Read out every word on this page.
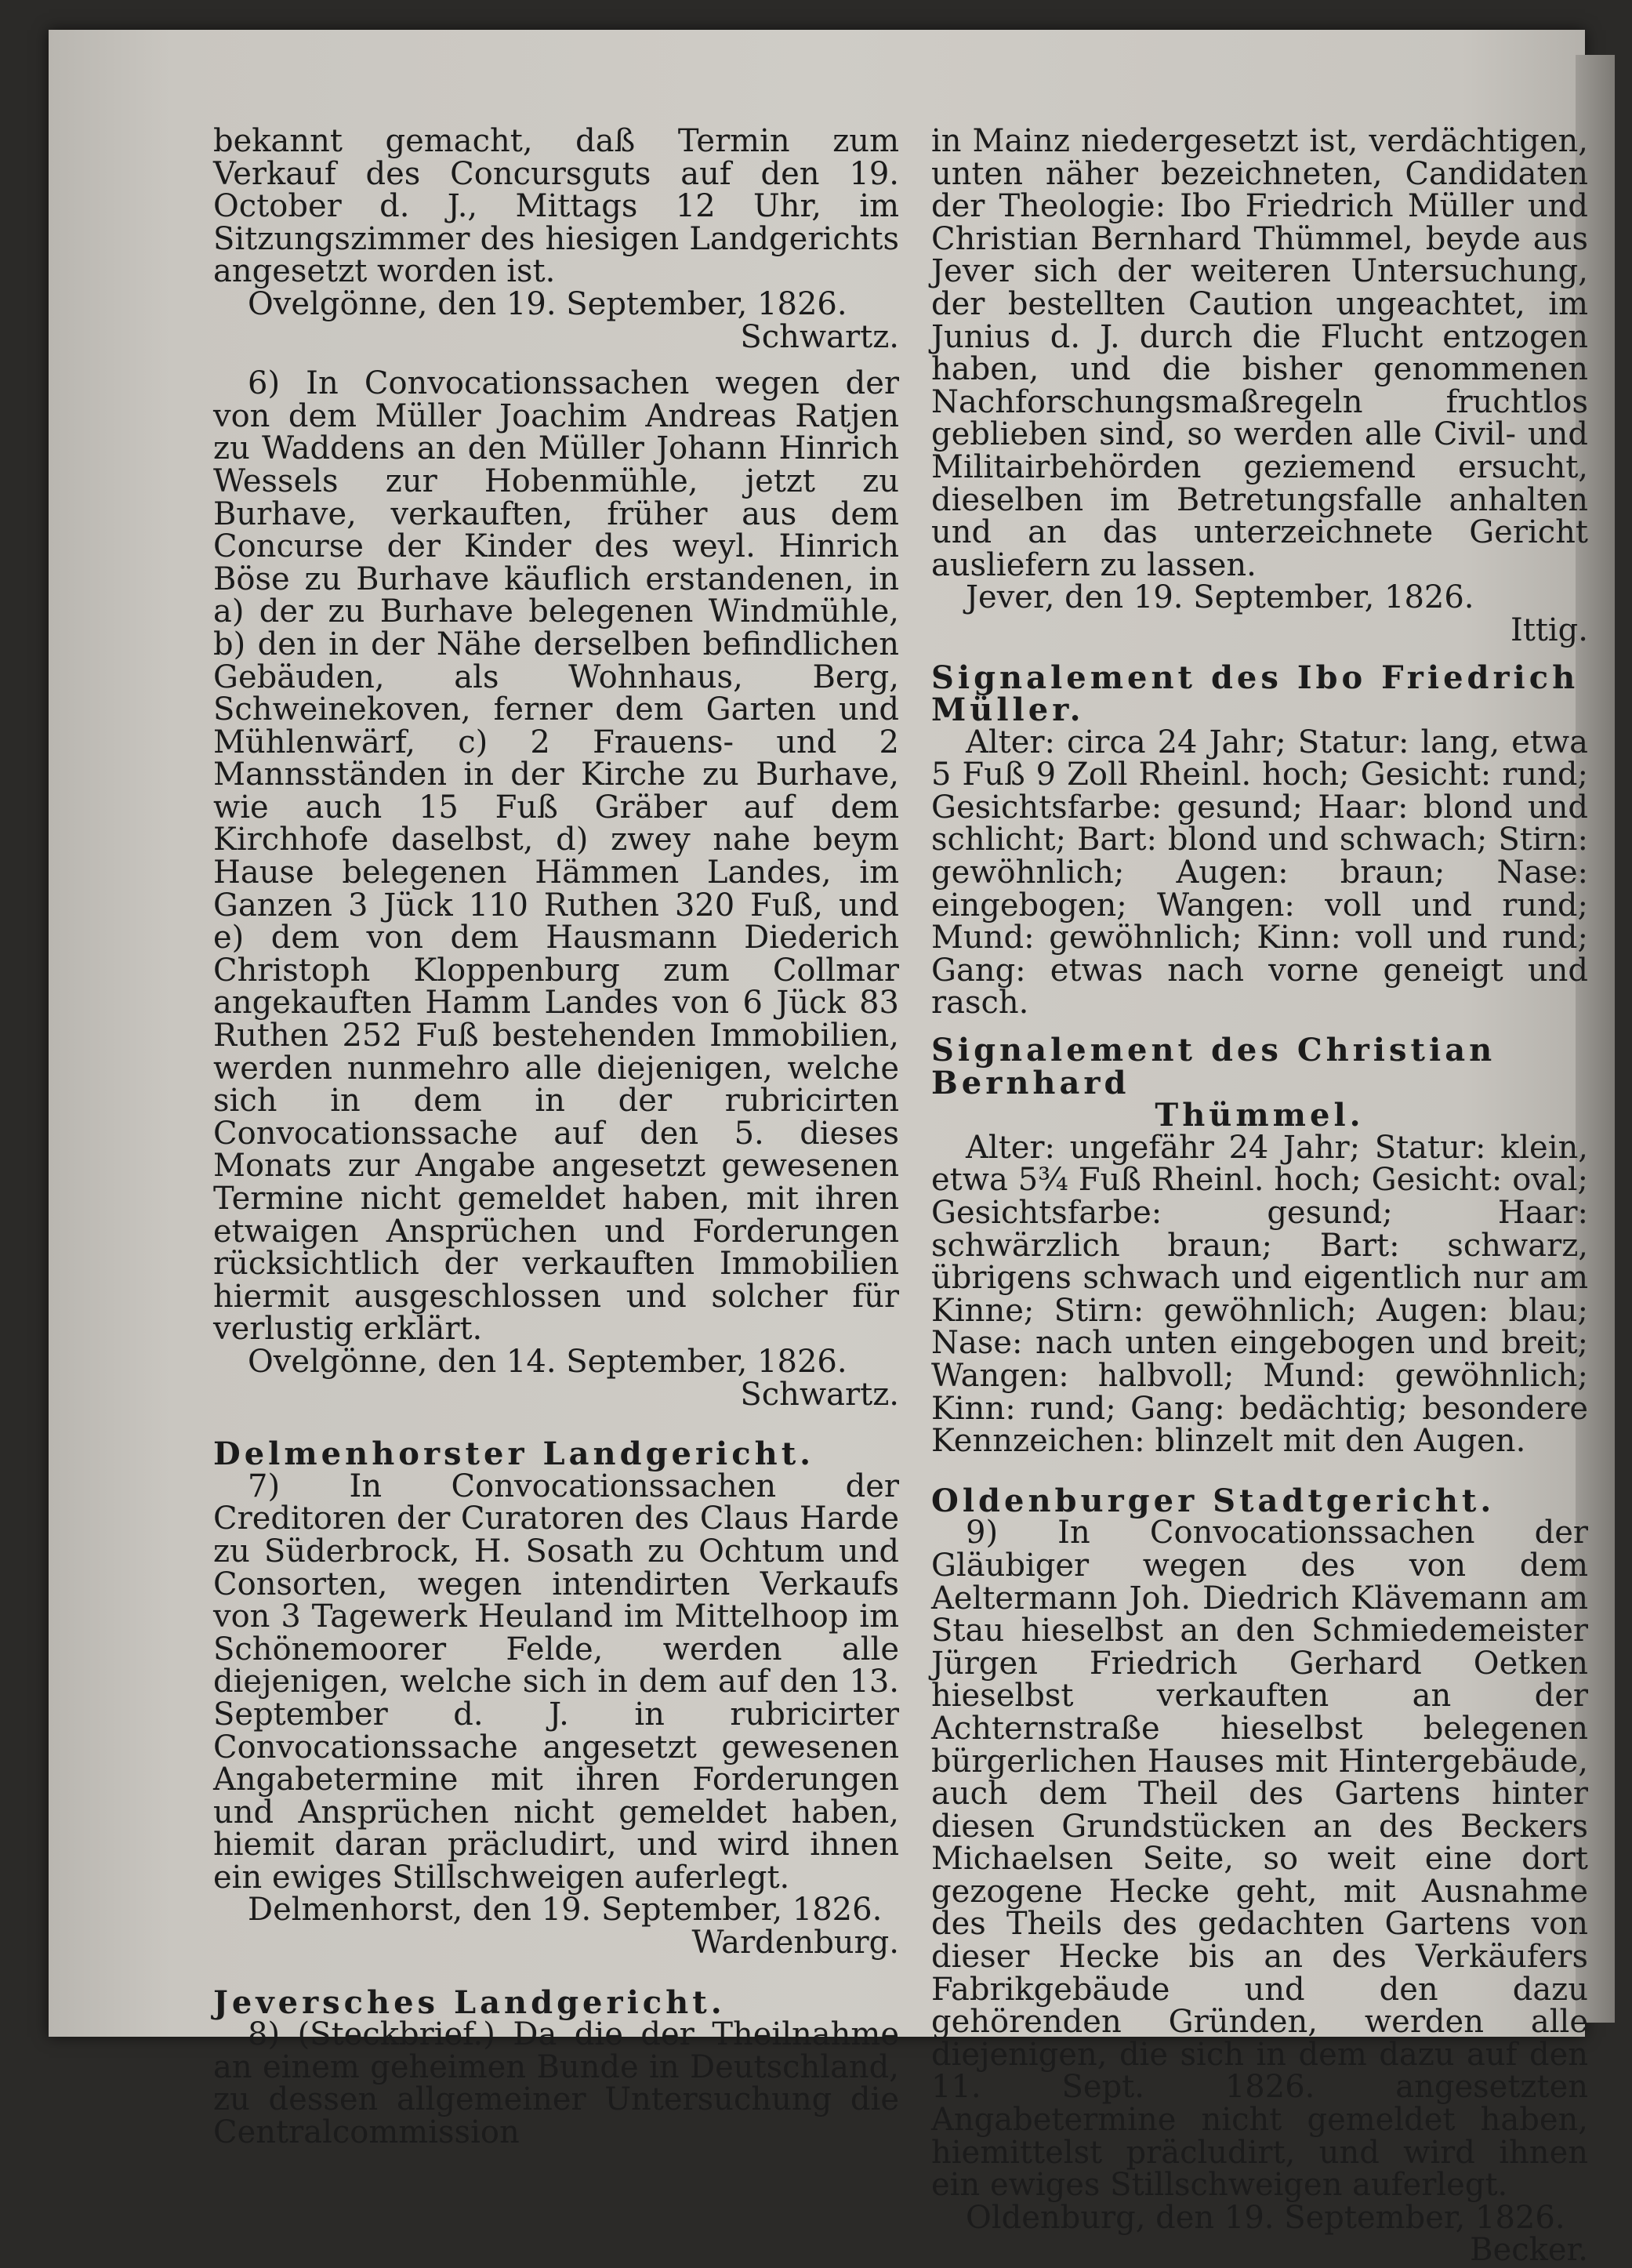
bekannt gemacht, daß Termin zum Verkauf des Concursguts auf den 19. October d. J., Mittags 12 Uhr, im Sitzungszimmer des hiesigen Landgerichts angesetzt worden ist.

Ovelgönne, den 19. September, 1826.

Schwartz.

6) In Convocationssachen wegen der von dem Müller Joachim Andreas Ratjen zu Waddens an den Müller Johann Hinrich Wessels zur Hobenmühle, jetzt zu Burhave, verkauften, früher aus dem Concurse der Kinder des weyl. Hinrich Böse zu Burhave käuflich erstandenen, in a) der zu Burhave belegenen Windmühle, b) den in der Nähe derselben befindlichen Gebäuden, als Wohnhaus, Berg, Schweinekoven, ferner dem Garten und Mühlenwärf, c) 2 Frauens- und 2 Mannsständen in der Kirche zu Burhave, wie auch 15 Fuß Gräber auf dem Kirchhofe daselbst, d) zwey nahe beym Hause belegenen Hämmen Landes, im Ganzen 3 Jück 110 Ruthen 320 Fuß, und e) dem von dem Hausmann Diederich Christoph Kloppenburg zum Collmar angekauften Hamm Landes von 6 Jück 83 Ruthen 252 Fuß bestehenden Immobilien, werden nunmehro alle diejenigen, welche sich in dem in der rubricirten Convocationssache auf den 5. dieses Monats zur Angabe angesetzt gewesenen Termine nicht gemeldet haben, mit ihren etwaigen Ansprüchen und Forderungen rücksichtlich der verkauften Immobilien hiermit ausgeschlossen und solcher für verlustig erklärt.

Ovelgönne, den 14. September, 1826.

Schwartz.

Delmenhorster Landgericht.

7) In Convocationssachen der Creditoren der Curatoren des Claus Harde zu Süderbrock, H. Sosath zu Ochtum und Consorten, wegen intendirten Verkaufs von 3 Tagewerk Heuland im Mittelhoop im Schönemoorer Felde, werden alle diejenigen, welche sich in dem auf den 13. September d. J. in rubricirter Convocationssache angesetzt gewesenen Angabetermine mit ihren Forderungen und Ansprüchen nicht gemeldet haben, hiemit daran präcludirt, und wird ihnen ein ewiges Stillschweigen auferlegt.

Delmenhorst, den 19. September, 1826.

Wardenburg.

Jeversches Landgericht.

8) (Steckbrief.) Da die der Theilnahme an einem geheimen Bunde in Deutschland, zu dessen allgemeiner Untersuchung die Centralcommission

in Mainz niedergesetzt ist, verdächtigen, unten näher bezeichneten, Candidaten der Theologie: Ibo Friedrich Müller und Christian Bernhard Thümmel, beyde aus Jever sich der weiteren Untersuchung, der bestellten Caution ungeachtet, im Junius d. J. durch die Flucht entzogen haben, und die bisher genommenen Nachforschungsmaßregeln fruchtlos geblieben sind, so werden alle Civil- und Militairbehörden geziemend ersucht, dieselben im Betretungsfalle anhalten und an das unterzeichnete Gericht ausliefern zu lassen.

Jever, den 19. September, 1826.

Ittig.

Signalement des Ibo Friedrich Müller.

Alter: circa 24 Jahr; Statur: lang, etwa 5 Fuß 9 Zoll Rheinl. hoch; Gesicht: rund; Gesichtsfarbe: gesund; Haar: blond und schlicht; Bart: blond und schwach; Stirn: gewöhnlich; Augen: braun; Nase: eingebogen; Wangen: voll und rund; Mund: gewöhnlich; Kinn: voll und rund; Gang: etwas nach vorne geneigt und rasch.

Signalement des Christian Bernhard

Thümmel.

Alter: ungefähr 24 Jahr; Statur: klein, etwa 5¾ Fuß Rheinl. hoch; Gesicht: oval; Gesichtsfarbe: gesund; Haar: schwärzlich braun; Bart: schwarz, übrigens schwach und eigentlich nur am Kinne; Stirn: gewöhnlich; Augen: blau; Nase: nach unten eingebogen und breit; Wangen: halbvoll; Mund: gewöhnlich; Kinn: rund; Gang: bedächtig; besondere Kennzeichen: blinzelt mit den Augen.

Oldenburger Stadtgericht.

9) In Convocationssachen der Gläubiger wegen des von dem Aeltermann Joh. Diedrich Klävemann am Stau hieselbst an den Schmiedemeister Jürgen Friedrich Gerhard Oetken hieselbst verkauften an der Achternstraße hieselbst belegenen bürgerlichen Hauses mit Hintergebäude, auch dem Theil des Gartens hinter diesen Grundstücken an des Beckers Michaelsen Seite, so weit eine dort gezogene Hecke geht, mit Ausnahme des Theils des gedachten Gartens von dieser Hecke bis an des Verkäufers Fabrikgebäude und den dazu gehörenden Gründen, werden alle diejenigen, die sich in dem dazu auf den 11. Sept. 1826. angesetzten Angabetermine nicht gemeldet haben, hiemittelst präcludirt, und wird ihnen ein ewiges Stillschweigen auferlegt.

Oldenburg, den 19. September, 1826.

Becker.
